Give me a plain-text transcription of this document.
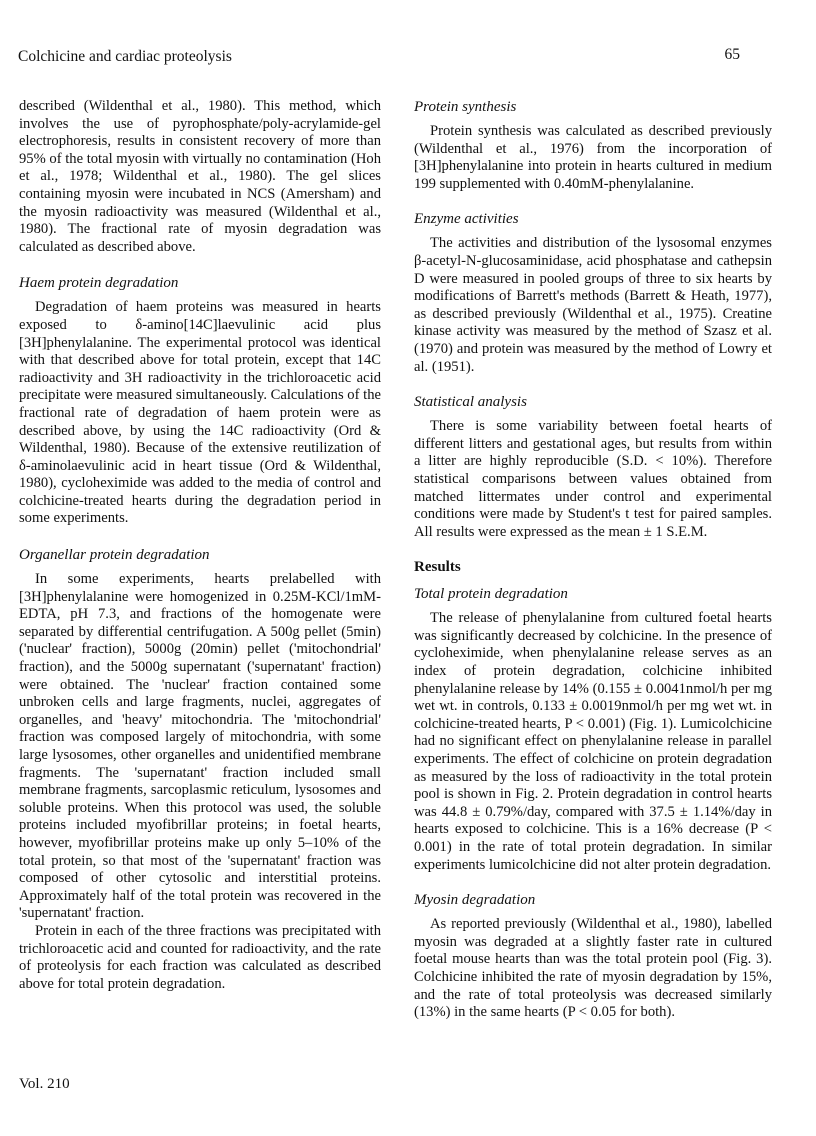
Colchicine and cardiac proteolysis	65

described (Wildenthal et al., 1980). This method, which involves the use of pyrophosphate/poly-acrylamide-gel electrophoresis, results in consistent recovery of more than 95% of the total myosin with virtually no contamination (Hoh et al., 1978; Wildenthal et al., 1980). The gel slices containing myosin were incubated in NCS (Amersham) and the myosin radioactivity was measured (Wildenthal et al., 1980). The fractional rate of myosin degradation was calculated as described above.

Haem protein degradation

Degradation of haem proteins was measured in hearts exposed to δ-amino[14C]laevulinic acid plus [3H]phenylalanine. The experimental protocol was identical with that described above for total protein, except that 14C radioactivity and 3H radioactivity in the trichloroacetic acid precipitate were measured simultaneously. Calculations of the fractional rate of degradation of haem protein were as described above, by using the 14C radioactivity (Ord & Wildenthal, 1980). Because of the extensive reutilization of δ-aminolaevulinic acid in heart tissue (Ord & Wildenthal, 1980), cycloheximide was added to the media of control and colchicine-treated hearts during the degradation period in some experiments.

Organellar protein degradation

In some experiments, hearts prelabelled with [3H]phenylalanine were homogenized in 0.25M-KCl/1mM-EDTA, pH 7.3, and fractions of the homogenate were separated by differential centrifugation. A 500g pellet (5min) ('nuclear' fraction), 5000g (20min) pellet ('mitochondrial' fraction), and the 5000g supernatant ('supernatant' fraction) were obtained. The 'nuclear' fraction contained some unbroken cells and large fragments, nuclei, aggregates of organelles, and 'heavy' mitochondria. The 'mitochondrial' fraction was composed largely of mitochondria, with some large lysosomes, other organelles and unidentified membrane fragments. The 'supernatant' fraction included small membrane fragments, sarcoplasmic reticulum, lysosomes and soluble proteins. When this protocol was used, the soluble proteins included myofibrillar proteins; in foetal hearts, however, myofibrillar proteins make up only 5–10% of the total protein, so that most of the 'supernatant' fraction was composed of other cytosolic and interstitial proteins. Approximately half of the total protein was recovered in the 'supernatant' fraction.

Protein in each of the three fractions was precipitated with trichloroacetic acid and counted for radioactivity, and the rate of proteolysis for each fraction was calculated as described above for total protein degradation.

Protein synthesis

Protein synthesis was calculated as described previously (Wildenthal et al., 1976) from the incorporation of [3H]phenylalanine into protein in hearts cultured in medium 199 supplemented with 0.40mM-phenylalanine.

Enzyme activities

The activities and distribution of the lysosomal enzymes β-acetyl-N-glucosaminidase, acid phosphatase and cathepsin D were measured in pooled groups of three to six hearts by modifications of Barrett's methods (Barrett & Heath, 1977), as described previously (Wildenthal et al., 1975). Creatine kinase activity was measured by the method of Szasz et al. (1970) and protein was measured by the method of Lowry et al. (1951).

Statistical analysis

There is some variability between foetal hearts of different litters and gestational ages, but results from within a litter are highly reproducible (S.D. < 10%). Therefore statistical comparisons between values obtained from matched littermates under control and experimental conditions were made by Student's t test for paired samples. All results were expressed as the mean ± 1 S.E.M.

Results
Total protein degradation

The release of phenylalanine from cultured foetal hearts was significantly decreased by colchicine. In the presence of cycloheximide, when phenylalanine release serves as an index of protein degradation, colchicine inhibited phenylalanine release by 14% (0.155 ± 0.0041nmol/h per mg wet wt. in controls, 0.133 ± 0.0019nmol/h per mg wet wt. in colchicine-treated hearts, P < 0.001) (Fig. 1). Lumicolchicine had no significant effect on phenylalanine release in parallel experiments. The effect of colchicine on protein degradation as measured by the loss of radioactivity in the total protein pool is shown in Fig. 2. Protein degradation in control hearts was 44.8 ± 0.79%/day, compared with 37.5 ± 1.14%/day in hearts exposed to colchicine. This is a 16% decrease (P < 0.001) in the rate of total protein degradation. In similar experiments lumicolchicine did not alter protein degradation.

Myosin degradation

As reported previously (Wildenthal et al., 1980), labelled myosin was degraded at a slightly faster rate in cultured foetal mouse hearts than was the total protein pool (Fig. 3). Colchicine inhibited the rate of myosin degradation by 15%, and the rate of total proteolysis was decreased similarly (13%) in the same hearts (P < 0.05 for both).

Vol. 210
